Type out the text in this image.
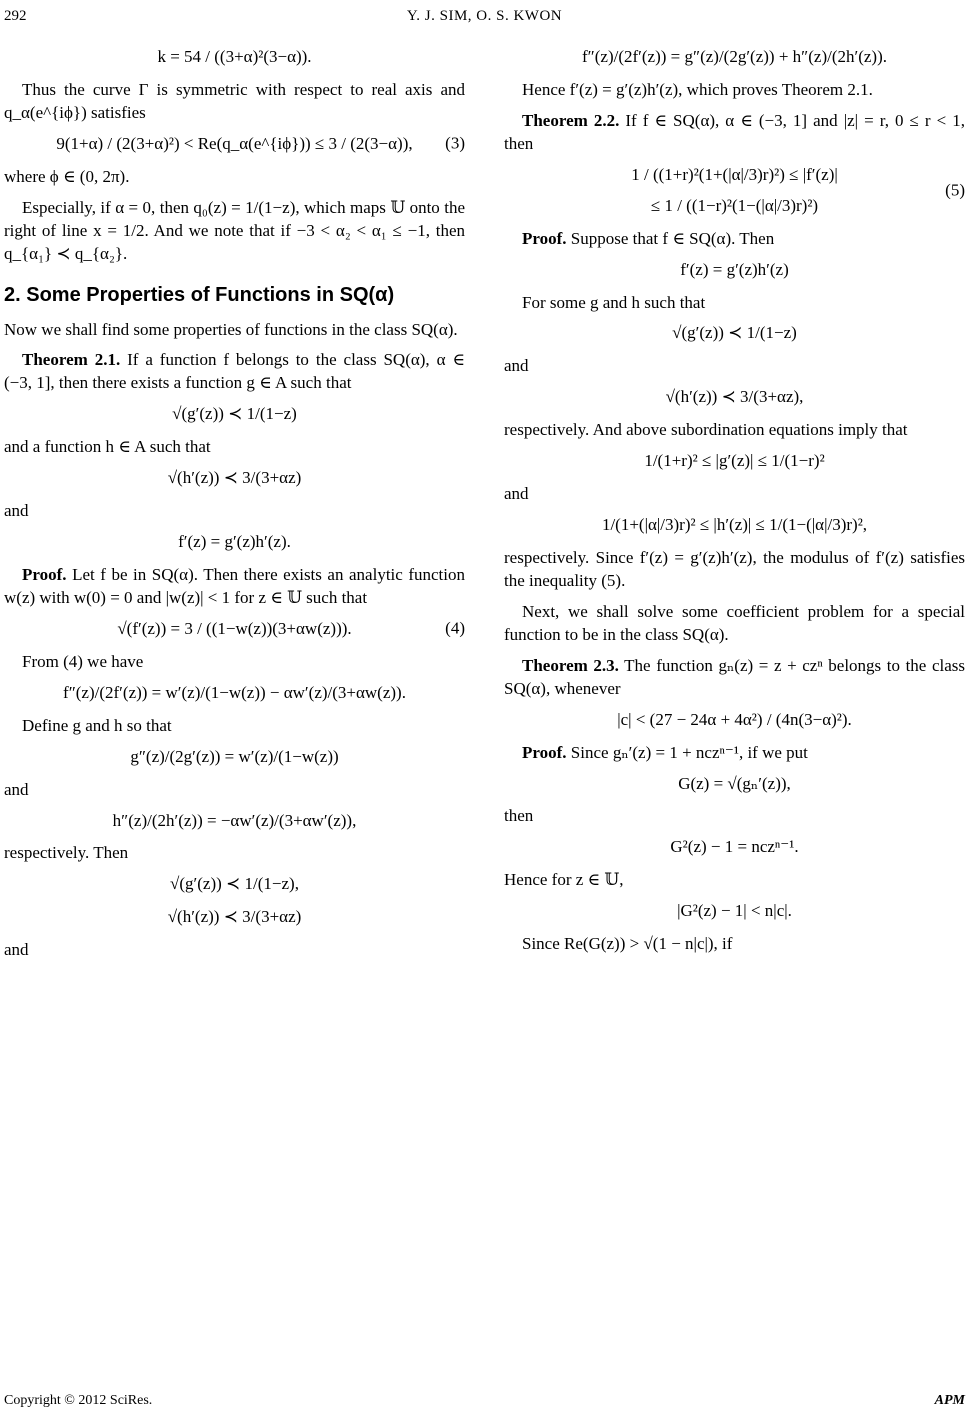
292	Y. J. SIM, O. S. KWON
k = 54 / ((3+α)²(3−α)).

Thus the curve Γ is symmetric with respect to real axis and q_α(e^{iϕ}) satisfies

9(1+α) / (2(3+α)²) < Re(q_α(e^{iϕ})) ≤ 3 / (2(3−α)), (3)

where ϕ ∈ (0, 2π).

Especially, if α = 0, then q₀(z) = 1/(1−z), which maps 𝕌 onto the right of line x = 1/2. And we note that if −3 < α₂ < α₁ ≤ −1, then q_{α₁} ≺ q_{α₂}.

2. Some Properties of Functions in SQ(α)

Now we shall find some properties of functions in the class SQ(α).

Theorem 2.1. If a function f belongs to the class SQ(α), α ∈ (−3, 1], then there exists a function g ∈ A such that

√(g′(z)) ≺ 1/(1−z)

and a function h ∈ A such that

√(h′(z)) ≺ 3/(3+αz)

and

f′(z) = g′(z)h′(z).

Proof. Let f be in SQ(α). Then there exists an analytic function w(z) with w(0) = 0 and |w(z)| < 1 for z ∈ 𝕌 such that

√(f′(z)) = 3 / ((1−w(z))(3+αw(z))).	(4)

From (4) we have

f″(z)/(2f′(z)) = w′(z)/(1−w(z)) − αw′(z)/(3+αw(z)).

Define g and h so that

g″(z)/(2g′(z)) = w′(z)/(1−w(z))

and

h″(z)/(2h′(z)) = −αw′(z)/(3+αw′(z)),

respectively. Then

√(g′(z)) ≺ 1/(1−z),
√(h′(z)) ≺ 3/(3+αz)

and

f″(z)/(2f′(z)) = g″(z)/(2g′(z)) + h″(z)/(2h′(z)).

Hence f′(z) = g′(z)h′(z), which proves Theorem 2.1.

Theorem 2.2. If f ∈ SQ(α), α ∈ (−3, 1] and |z| = r, 0 ≤ r < 1, then

1 / ((1+r)²(1+(|α|/3)r)²) ≤ |f′(z)|
≤ 1 / ((1−r)²(1−(|α|/3)r)²)
(5)

Proof. Suppose that f ∈ SQ(α). Then

f′(z) = g′(z)h′(z)

For some g and h such that

√(g′(z)) ≺ 1/(1−z)

and

√(h′(z)) ≺ 3/(3+αz),

respectively. And above subordination equations imply that

1/(1+r)² ≤ |g′(z)| ≤ 1/(1−r)²

and

1/(1+(|α|/3)r)² ≤ |h′(z)| ≤ 1/(1−(|α|/3)r)²,

respectively. Since f′(z) = g′(z)h′(z), the modulus of f′(z) satisfies the inequality (5).

Next, we shall solve some coefficient problem for a special function to be in the class SQ(α).

Theorem 2.3. The function gₙ(z) = z + czⁿ belongs to the class SQ(α), whenever

|c| < (27 − 24α + 4α²) / (4n(3−α)²).

Proof. Since gₙ′(z) = 1 + nczⁿ⁻¹, if we put

G(z) = √(gₙ′(z)),

then

G²(z) − 1 = nczⁿ⁻¹.

Hence for z ∈ 𝕌,

|G²(z) − 1| < n|c|.

Since Re(G(z)) > √(1 − n|c|), if

Copyright © 2012 SciRes.	APM
